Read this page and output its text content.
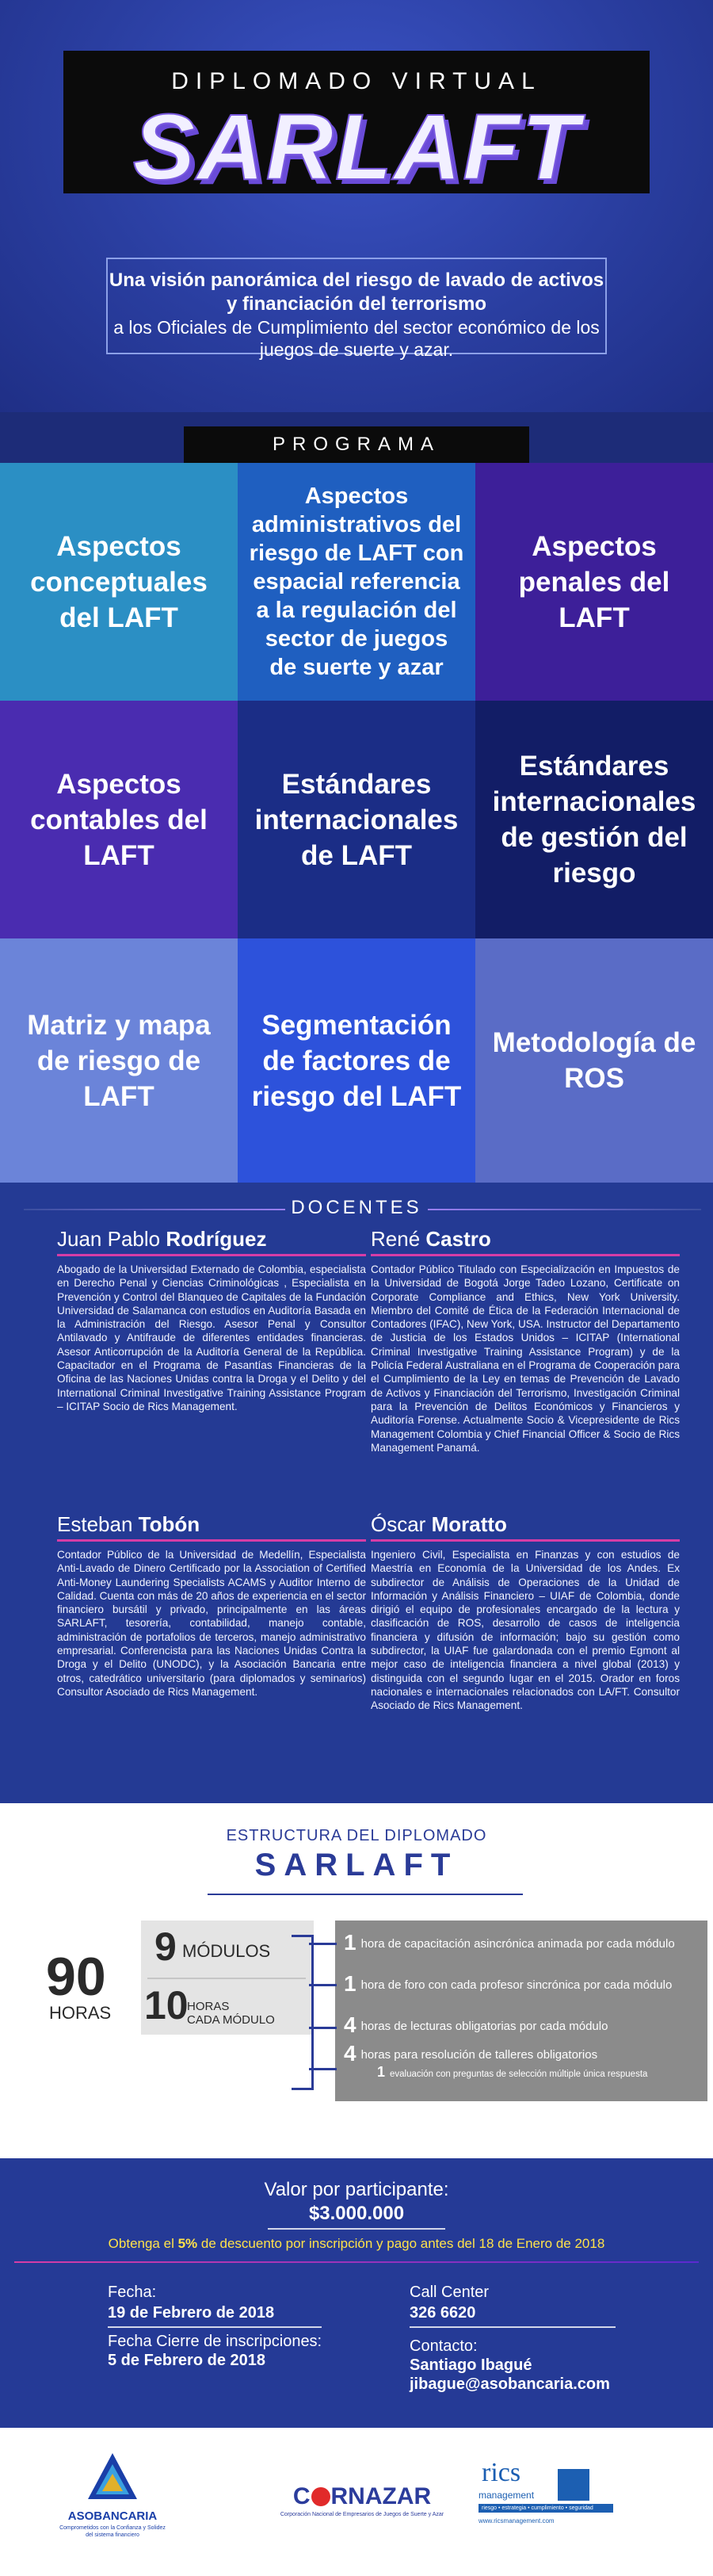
DIPLOMADO VIRTUAL
SARLAFT
Una visión panorámica del riesgo de lavado de activos y financiación del terrorismo
a los Oficiales de Cumplimiento del sector económico de los juegos de suerte y azar.
PROGRAMA
Aspectos conceptuales del LAFT
Aspectos administrativos del riesgo de LAFT con espacial referencia a la regulación del sector de juegos de suerte y azar
Aspectos penales del LAFT
Aspectos contables del LAFT
Estándares internacionales de LAFT
Estándares internacionales de gestión del riesgo
Matriz y mapa de riesgo de LAFT
Segmentación de factores de riesgo del LAFT
Metodología de ROS
DOCENTES
Juan Pablo Rodríguez
Abogado de la Universidad Externado de Colombia, especialista en Derecho Penal y Ciencias Criminológicas , Especialista en Prevención y Control del Blanqueo de Capitales de la Fundación Universidad de Salamanca con estudios en Auditoría Basada en la Administración del Riesgo. Asesor Penal y Consultor Antilavado y Antifraude de diferentes entidades financieras. Asesor Anticorrupción de la Auditoría General de la República. Capacitador en el Programa de Pasantías Financieras de la Oficina de las Naciones Unidas contra la Droga y el Delito y del International Criminal Investigative Training Assistance Program – ICITAP Socio de Rics Management.
René Castro
Contador Público Titulado con Especialización en Impuestos de la Universidad de Bogotá Jorge Tadeo Lozano, Certificate on Corporate Compliance and Ethics, New York University. Miembro del Comité de Ética de la Federación Internacional de Contadores (IFAC), New York, USA. Instructor del Departamento de Justicia de los Estados Unidos – ICITAP (International Criminal Investigative Training Assistance Program) y de la Policía Federal Australiana en el Programa de Cooperación para el Cumplimiento de la Ley en temas de Prevención de Lavado de Activos y Financiación del Terrorismo, Investigación Criminal para la Prevención de Delitos Económicos y Financieros y Auditoría Forense. Actualmente Socio & Vicepresidente de Rics Management Colombia y Chief Financial Officer & Socio de Rics Management Panamá.
Esteban Tobón
Contador Público de la Universidad de Medellín, Especialista Anti-Lavado de Dinero Certificado por la Association of Certified Anti-Money Laundering Specialists ACAMS y Auditor Interno de Calidad. Cuenta con más de 20 años de experiencia en el sector financiero bursátil y privado, principalmente en las áreas SARLAFT, tesorería, contabilidad, manejo contable, administración de portafolios de terceros, manejo administrativo empresarial. Conferencista para las Naciones Unidas Contra la Droga y el Delito (UNODC), y la Asociación Bancaria entre otros, catedrático universitario (para diplomados y seminarios) Consultor Asociado de Rics Management.
Óscar Moratto
Ingeniero Civil, Especialista en Finanzas y con estudios de Maestría en Economía de la Universidad de los Andes. Ex subdirector de Análisis de Operaciones de la Unidad de Información y Análisis Financiero – UIAF de Colombia, donde dirigió el equipo de profesionales encargado de la lectura y clasificación de ROS, desarrollo de casos de inteligencia financiera y difusión de información; bajo su gestión como subdirector, la UIAF fue galardonada con el premio Egmont al mejor caso de inteligencia financiera a nivel global (2013) y distinguida con el segundo lugar en el 2015. Orador en foros nacionales e internacionales relacionados con LA/FT. Consultor Asociado de Rics Management.
ESTRUCTURA DEL DIPLOMADO
SARLAFT
90
HORAS
9 MÓDULOS
10
HORAS
CADA MÓDULO
1 hora de capacitación asincrónica animada por cada módulo
1 hora de foro con cada profesor sincrónica por cada módulo
4 horas de lecturas obligatorias por cada módulo
4 horas para resolución de talleres obligatorios
1 evaluación con preguntas de selección múltiple única respuesta
Valor por participante:
$3.000.000
Obtenga el 5% de descuento por inscripción y pago antes del 18 de Enero de 2018
Fecha:
19 de Febrero de 2018
Fecha Cierre de inscripciones:
5 de Febrero de 2018
Call Center
326 6620
Contacto:
Santiago Ibagué
jibague@asobancaria.com
ASOBANCARIA
Comprometidos con la Confianza y Solidez del sistema financiero
C RNAZAR
Corporación Nacional de Empresarios de Juegos de Suerte y Azar
rics
management
riesgo • estrategia • cumplimiento • seguridad
www.ricsmanagement.com
